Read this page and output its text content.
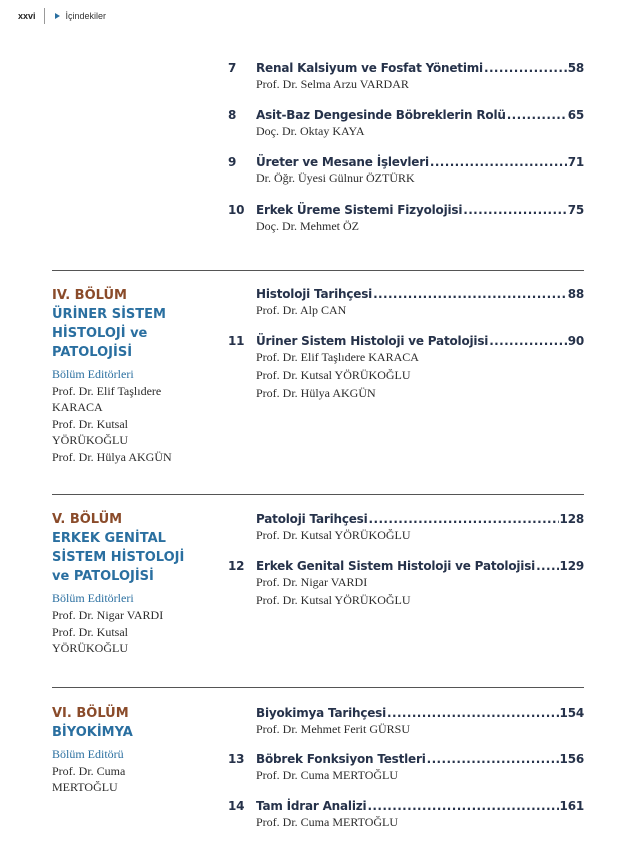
xxvi	İçindekiler
7	Renal Kalsiyum ve Fosfat Yönetimi .....	58
Prof. Dr. Selma Arzu VARDAR
8	Asit-Baz Dengesinde Böbreklerin Rolü .....	65
Doç. Dr. Oktay KAYA
9	Üreter ve Mesane İşlevleri .....	71
Dr. Öğr. Üyesi Gülnur ÖZTÜRK
10 Erkek Üreme Sistemi Fizyolojisi .....	75
Doç. Dr. Mehmet ÖZ
IV. BÖLÜM
ÜRİNER SİSTEM
HİSTOLOJİ ve
PATOLOJİSİ
Bölüm Editörleri
Prof. Dr. Elif Taşlıdere
KARACA
Prof. Dr. Kutsal
YÖRÜKOĞLU
Prof. Dr. Hülya AKGÜN
Histoloji Tarihçesi .....	88
Prof. Dr. Alp CAN
11 Üriner Sistem Histoloji ve Patolojisi .....	90
Prof. Dr. Elif Taşlıdere KARACA
Prof. Dr. Kutsal YÖRÜKOĞLU
Prof. Dr. Hülya AKGÜN
V. BÖLÜM
ERKEK GENİTAL
SİSTEM HİSTOLOJİ
ve PATOLOJİSİ
Bölüm Editörleri
Prof. Dr. Nigar VARDI
Prof. Dr. Kutsal
YÖRÜKOĞLU
Patoloji Tarihçesi .....	128
Prof. Dr. Kutsal YÖRÜKOĞLU
12 Erkek Genital Sistem Histoloji ve Patolojisi ..... 129
Prof. Dr. Nigar VARDI
Prof. Dr. Kutsal YÖRÜKOĞLU
VI. BÖLÜM
BİYOKİMYA
Bölüm Editörü
Prof. Dr. Cuma
MERTOĞLU
Biyokimya Tarihçesi .....	154
Prof. Dr. Mehmet Ferit GÜRSU
13 Böbrek Fonksiyon Testleri .....	156
Prof. Dr. Cuma MERTOĞLU
14 Tam İdrar Analizi .....	161
Prof. Dr. Cuma MERTOĞLU
